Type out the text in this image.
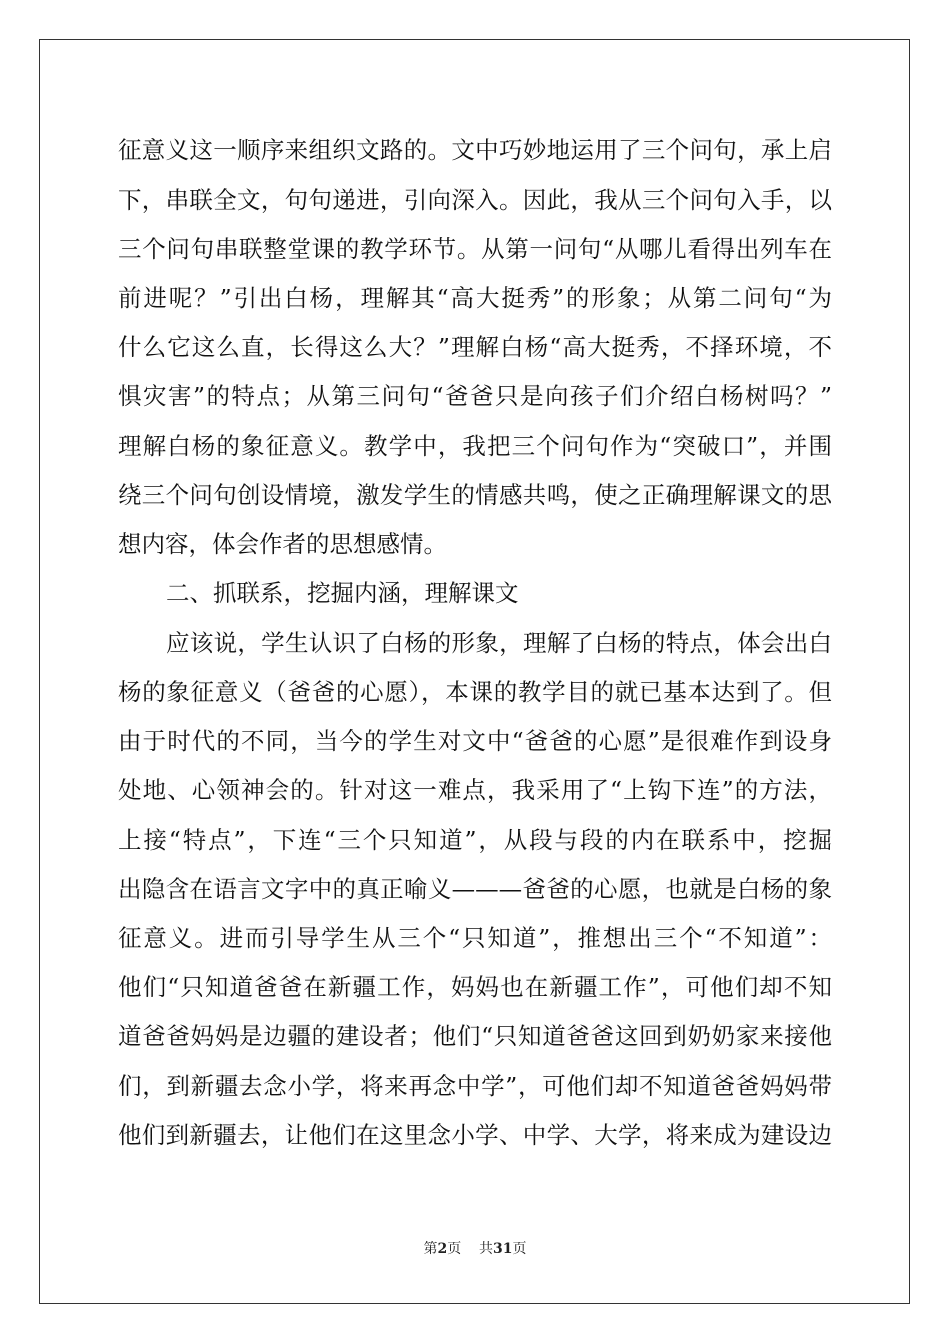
征意义这一顺序来组织文路的。文中巧妙地运用了三个问句，承上启
下，串联全文，句句递进，引向深入。因此，我从三个问句入手，以
三个问句串联整堂课的教学环节。从第一问句“从哪儿看得出列车在
前进呢？”引出白杨，理解其“高大挺秀”的形象；从第二问句“为
什么它这么直，长得这么大？”理解白杨“高大挺秀，不择环境，不
惧灾害”的特点；从第三问句“爸爸只是向孩子们介绍白杨树吗？”
理解白杨的象征意义。教学中，我把三个问句作为“突破口”，并围
绕三个问句创设情境，激发学生的情感共鸣，使之正确理解课文的思
想内容，体会作者的思想感情。
二、抓联系，挖掘内涵，理解课文
应该说，学生认识了白杨的形象，理解了白杨的特点，体会出白
杨的象征意义（爸爸的心愿），本课的教学目的就已基本达到了。但
由于时代的不同，当今的学生对文中“爸爸的心愿”是很难作到设身
处地、心领神会的。针对这一难点，我采用了“上钩下连”的方法，
上接“特点”，下连“三个只知道”，从段与段的内在联系中，挖掘
出隐含在语言文字中的真正喻义———爸爸的心愿，也就是白杨的象
征意义。进而引导学生从三个“只知道”，推想出三个“不知道”：
他们“只知道爸爸在新疆工作，妈妈也在新疆工作”，可他们却不知
道爸爸妈妈是边疆的建设者；他们“只知道爸爸这回到奶奶家来接他
们，到新疆去念小学，将来再念中学”，可他们却不知道爸爸妈妈带
他们到新疆去，让他们在这里念小学、中学、大学，将来成为建设边
第2页 共31页
